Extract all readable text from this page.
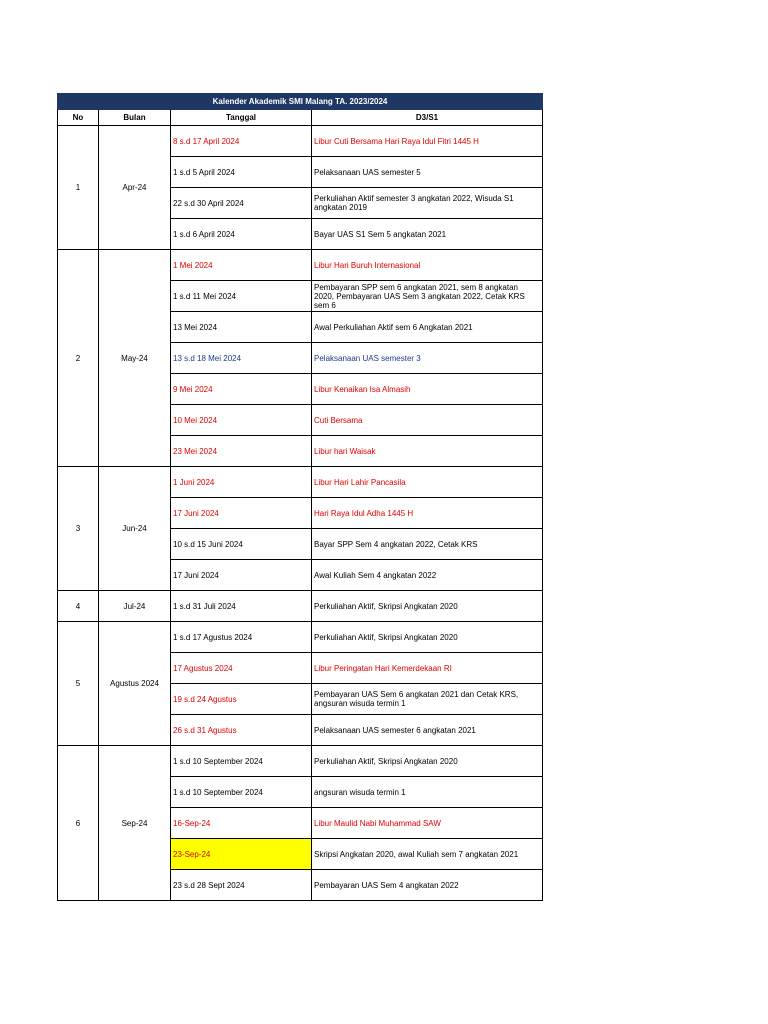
Kalender Akademik SMI Malang TA. 2023/2024			
No	Bulan	Tanggal	D3/S1
1	Apr-24	8 s.d 17 April 2024	Libur Cuti Bersama Hari Raya Idul Fitri 1445 H
		1 s.d 5 April 2024	Pelaksanaan UAS semester 5
		22 s.d 30 April 2024	Perkuliahan Aktif semester 3 angkatan 2022, Wisuda S1 angkatan 2019
		1 s.d 6 April 2024	Bayar UAS S1 Sem 5 angkatan 2021
2	May-24	1 Mei 2024	Libur Hari Buruh Internasional
		1 s.d 11 Mei 2024	Pembayaran SPP sem 6 angkatan 2021, sem 8 angkatan 2020, Pembayaran UAS Sem 3 angkatan 2022, Cetak KRS sem 6
		13 Mei 2024	Awal Perkuliahan Aktif sem 6 Angkatan 2021
		13 s.d 18 Mei 2024	Pelaksanaan UAS semester 3
		9 Mei 2024	Libur Kenaikan Isa Almasih
		10 Mei 2024	Cuti Bersama
		23 Mei 2024	Libur hari Waisak
3	Jun-24	1 Juni 2024	Libur Hari Lahir Pancasila
		17 Juni 2024	Hari Raya Idul Adha 1445 H
		10 s.d 15 Juni 2024	Bayar SPP Sem 4 angkatan 2022, Cetak KRS
		17 Juni 2024	Awal Kuliah Sem 4 angkatan 2022
4	Jul-24	1 s.d 31 Juli 2024	Perkuliahan Aktif, Skripsi Angkatan 2020
5	Agustus 2024	1 s.d 17 Agustus 2024	Perkuliahan Aktif, Skripsi Angkatan 2020
		17 Agustus 2024	Libur Peringatan Hari Kemerdekaan RI
		19 s.d 24 Agustus	Pembayaran UAS Sem 6 angkatan 2021 dan Cetak KRS, angsuran wisuda termin 1
		26 s.d 31 Agustus	Pelaksanaan UAS semester 6 angkatan 2021
6	Sep-24	1 s.d 10 September 2024	Perkuliahan Aktif, Skripsi Angkatan 2020
		1 s.d 10 September 2024	angsuran wisuda termin 1
		16-Sep-24	Libur Maulid Nabi Muhammad SAW
		23-Sep-24	Skripsi Angkatan 2020, awal Kuliah sem 7 angkatan 2021
		23 s.d 28 Sept 2024	Pembayaran UAS Sem 4 angkatan 2022
